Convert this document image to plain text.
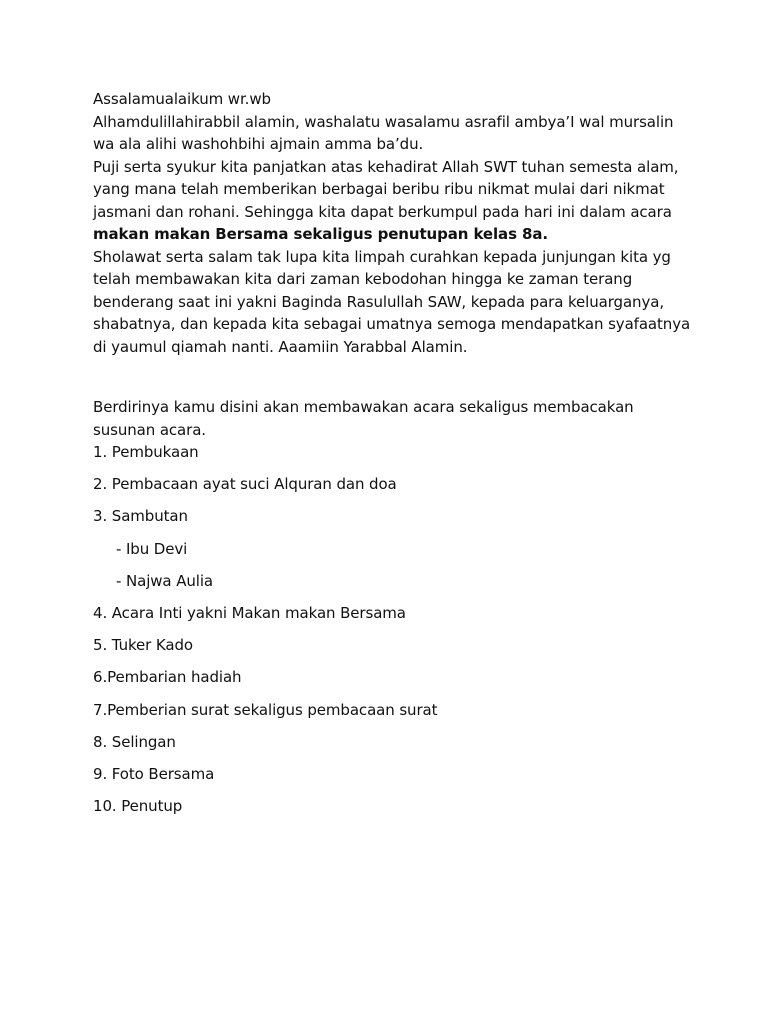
Assalamualaikum wr.wb

Alhamdulillahirabbil alamin, washalatu wasalamu asrafil ambya’I wal mursalin wa ala alihi washohbihi ajmain amma ba’du.

Puji serta syukur kita panjatkan atas kehadirat Allah SWT tuhan semesta alam, yang mana telah memberikan berbagai beribu ribu nikmat mulai dari nikmat jasmani dan rohani. Sehingga kita dapat berkumpul pada hari ini dalam acara makan makan Bersama sekaligus penutupan kelas 8a.

Sholawat serta salam tak lupa kita limpah curahkan kepada junjungan kita yg telah membawakan kita dari zaman kebodohan hingga ke zaman terang benderang saat ini yakni Baginda Rasulullah SAW, kepada para keluarganya, shabatnya, dan kepada kita sebagai umatnya semoga mendapatkan syafaatnya di yaumul qiamah nanti. Aaamiin Yarabbal Alamin.

Berdirinya kamu disini akan membawakan acara sekaligus membacakan susunan acara.

1. Pembukaan
2. Pembacaan ayat suci Alquran dan doa
3. Sambutan
- Ibu Devi
- Najwa Aulia
4. Acara Inti yakni Makan makan Bersama
5. Tuker Kado
6.Pembarian hadiah
7.Pemberian surat sekaligus pembacaan surat
8. Selingan
9. Foto Bersama
10. Penutup
